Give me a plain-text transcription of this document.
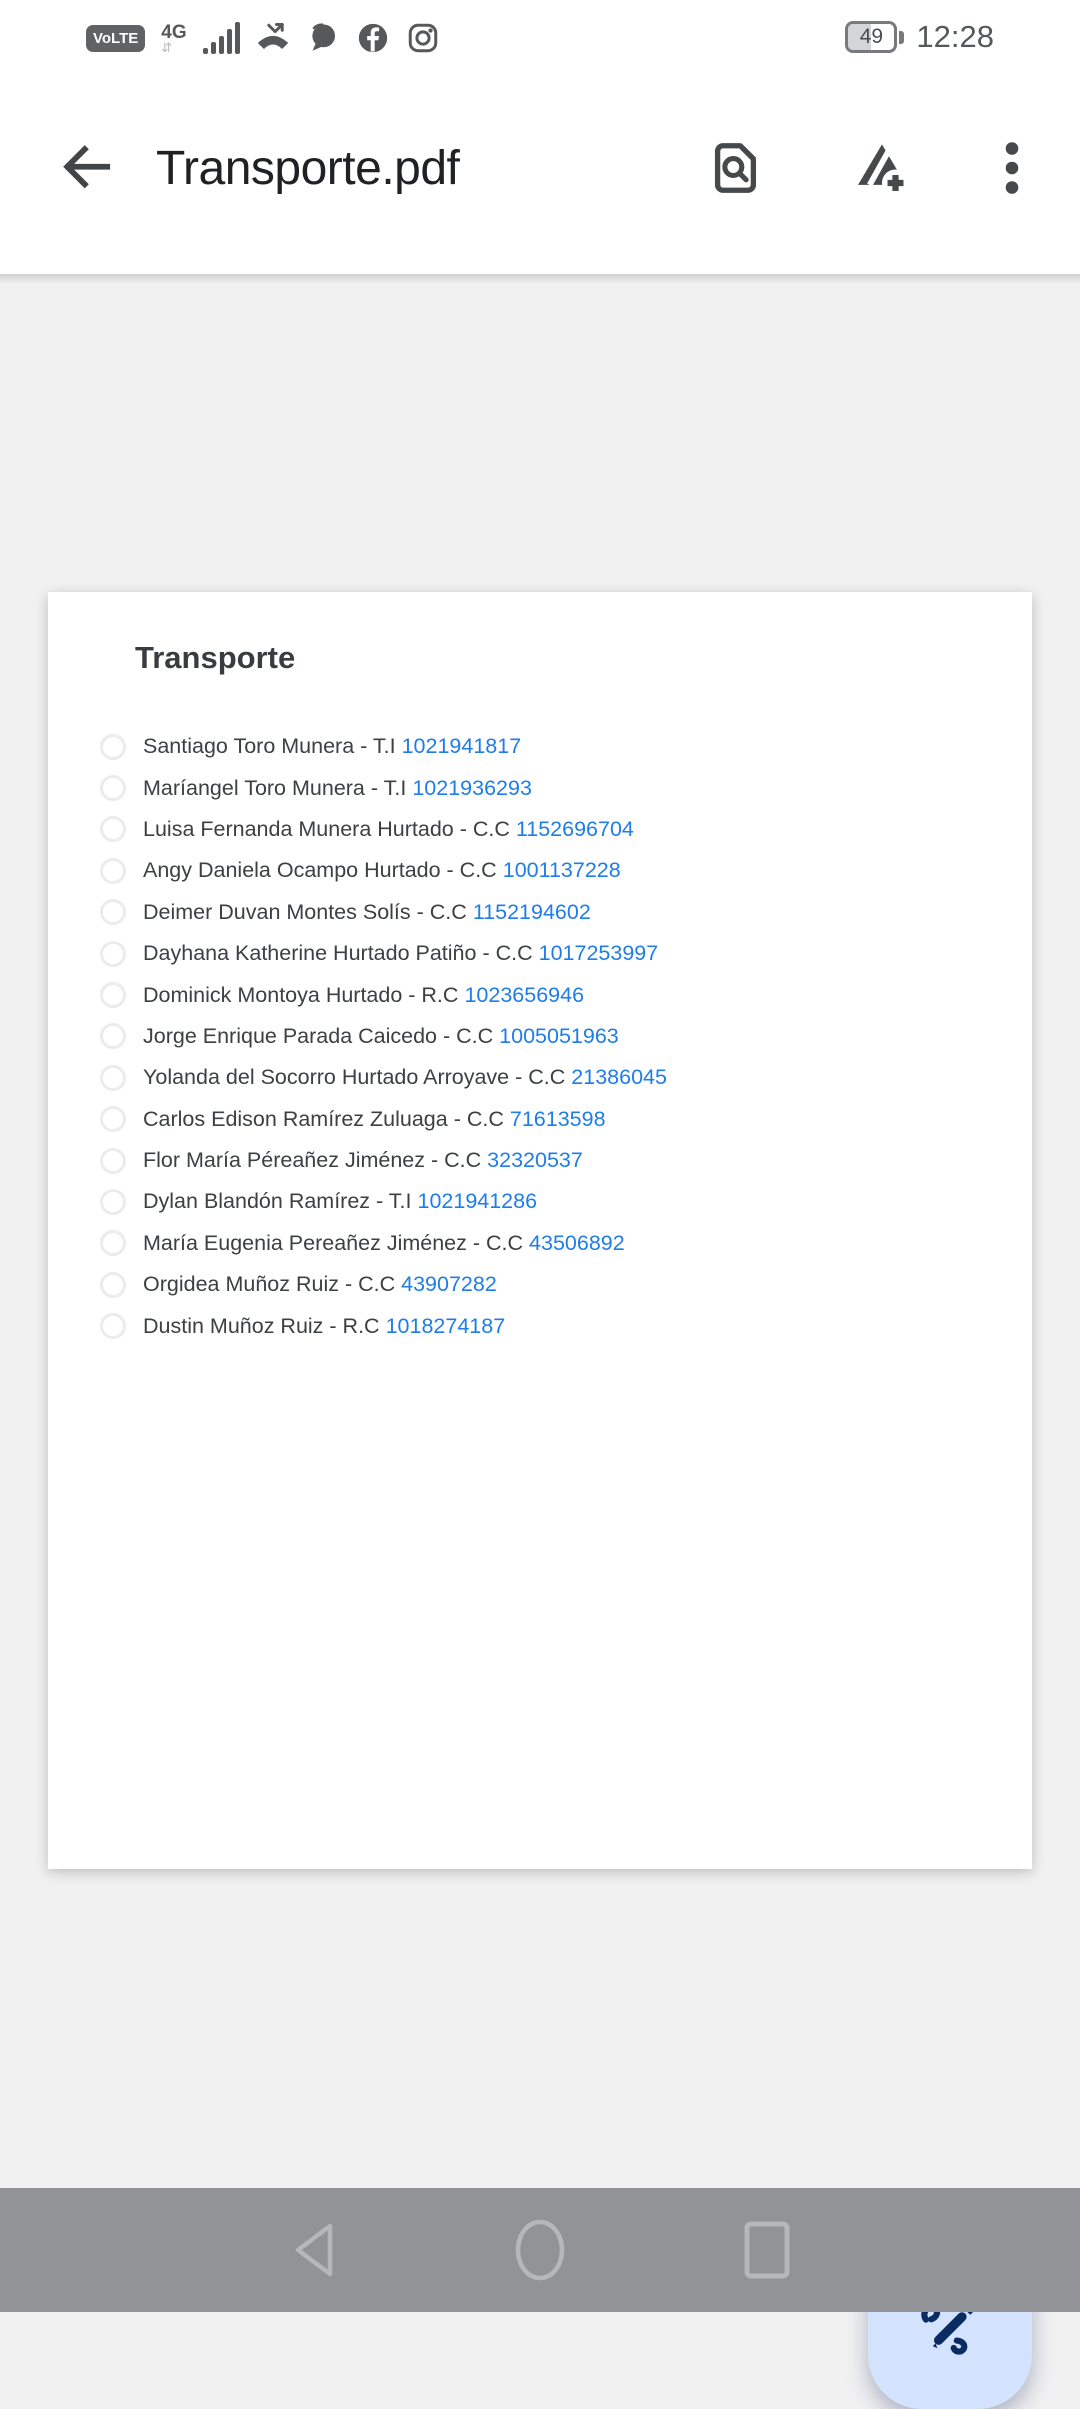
VoLTE	4G
⇵	49 12:28
Transporte.pdf
Transporte
Santiago Toro Munera - T.I 1021941817
Maríangel Toro Munera - T.I 1021936293
Luisa Fernanda Munera Hurtado - C.C 1152696704
Angy Daniela Ocampo Hurtado - C.C 1001137228
Deimer Duvan Montes Solís - C.C 1152194602
Dayhana Katherine Hurtado Patiño - C.C 1017253997
Dominick Montoya Hurtado - R.C 1023656946
Jorge Enrique Parada Caicedo - C.C 1005051963
Yolanda del Socorro Hurtado Arroyave - C.C 21386045
Carlos Edison Ramírez Zuluaga - C.C 71613598
Flor María Péreañez Jiménez - C.C 32320537
Dylan Blandón Ramírez - T.I 1021941286
María Eugenia Pereañez Jiménez - C.C 43506892
Orgidea Muñoz Ruiz - C.C 43907282
Dustin Muñoz Ruiz - R.C 1018274187
